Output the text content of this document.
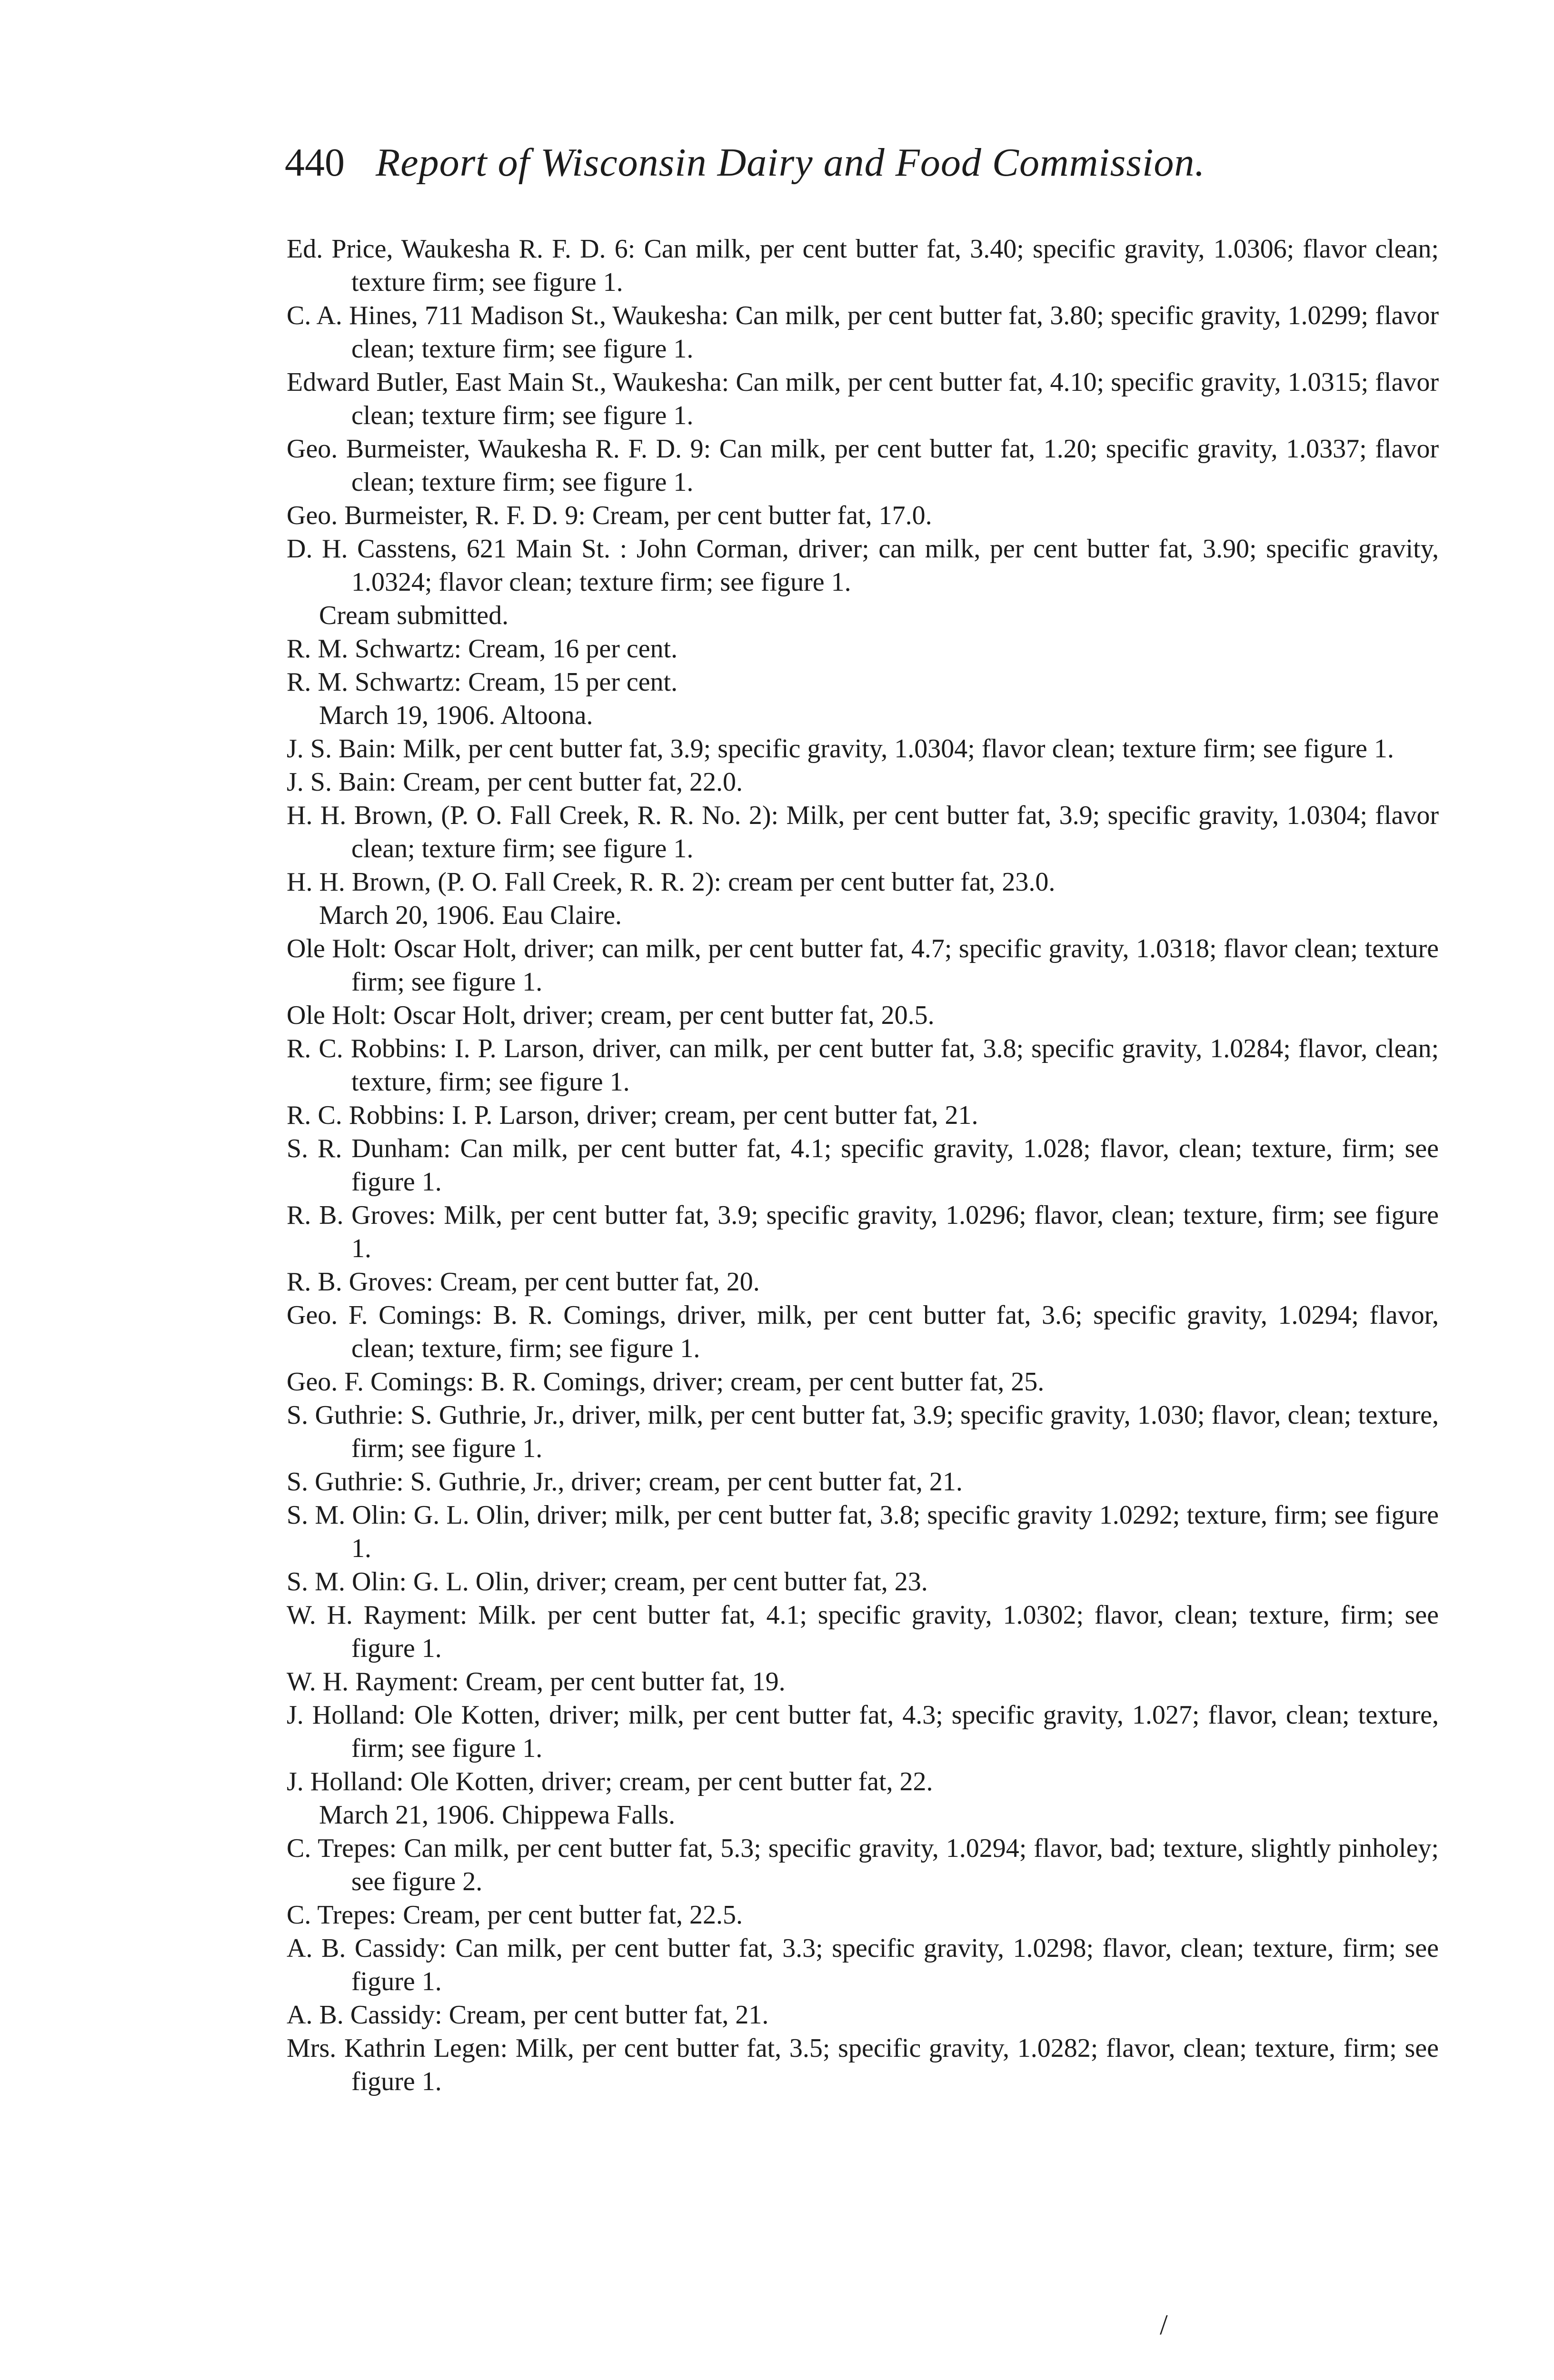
440 Report of Wisconsin Dairy and Food Commission.

Ed. Price, Waukesha R. F. D. 6: Can milk, per cent butter fat, 3.40; specific gravity, 1.0306; flavor clean; texture firm; see figure 1.

C. A. Hines, 711 Madison St., Waukesha: Can milk, per cent butter fat, 3.80; specific gravity, 1.0299; flavor clean; texture firm; see figure 1.

Edward Butler, East Main St., Waukesha: Can milk, per cent butter fat, 4.10; specific gravity, 1.0315; flavor clean; texture firm; see figure 1.

Geo. Burmeister, Waukesha R. F. D. 9: Can milk, per cent butter fat, 1.20; specific gravity, 1.0337; flavor clean; texture firm; see figure 1.

Geo. Burmeister, R. F. D. 9: Cream, per cent butter fat, 17.0.

D. H. Casstens, 621 Main St. : John Corman, driver; can milk, per cent butter fat, 3.90; specific gravity, 1.0324; flavor clean; texture firm; see figure 1.

Cream submitted.

R. M. Schwartz: Cream, 16 per cent.

R. M. Schwartz: Cream, 15 per cent.

March 19, 1906. Altoona.

J. S. Bain: Milk, per cent butter fat, 3.9; specific gravity, 1.0304; flavor clean; texture firm; see figure 1.

J. S. Bain: Cream, per cent butter fat, 22.0.

H. H. Brown, (P. O. Fall Creek, R. R. No. 2): Milk, per cent butter fat, 3.9; specific gravity, 1.0304; flavor clean; texture firm; see figure 1.

H. H. Brown, (P. O. Fall Creek, R. R. 2): cream per cent butter fat, 23.0.

March 20, 1906. Eau Claire.

Ole Holt: Oscar Holt, driver; can milk, per cent butter fat, 4.7; specific gravity, 1.0318; flavor clean; texture firm; see figure 1.

Ole Holt: Oscar Holt, driver; cream, per cent butter fat, 20.5.

R. C. Robbins: I. P. Larson, driver, can milk, per cent butter fat, 3.8; specific gravity, 1.0284; flavor, clean; texture, firm; see figure 1.

R. C. Robbins: I. P. Larson, driver; cream, per cent butter fat, 21.

S. R. Dunham: Can milk, per cent butter fat, 4.1; specific gravity, 1.028; flavor, clean; texture, firm; see figure 1.

R. B. Groves: Milk, per cent butter fat, 3.9; specific gravity, 1.0296; flavor, clean; texture, firm; see figure 1.

R. B. Groves: Cream, per cent butter fat, 20.

Geo. F. Comings: B. R. Comings, driver, milk, per cent butter fat, 3.6; specific gravity, 1.0294; flavor, clean; texture, firm; see figure 1.

Geo. F. Comings: B. R. Comings, driver; cream, per cent butter fat, 25.

S. Guthrie: S. Guthrie, Jr., driver, milk, per cent butter fat, 3.9; specific gravity, 1.030; flavor, clean; texture, firm; see figure 1.

S. Guthrie: S. Guthrie, Jr., driver; cream, per cent butter fat, 21.

S. M. Olin: G. L. Olin, driver; milk, per cent butter fat, 3.8; specific gravity 1.0292; texture, firm; see figure 1.

S. M. Olin: G. L. Olin, driver; cream, per cent butter fat, 23.

W. H. Rayment: Milk. per cent butter fat, 4.1; specific gravity, 1.0302; flavor, clean; texture, firm; see figure 1.

W. H. Rayment: Cream, per cent butter fat, 19.

J. Holland: Ole Kotten, driver; milk, per cent butter fat, 4.3; specific gravity, 1.027; flavor, clean; texture, firm; see figure 1.

J. Holland: Ole Kotten, driver; cream, per cent butter fat, 22.

March 21, 1906. Chippewa Falls.

C. Trepes: Can milk, per cent butter fat, 5.3; specific gravity, 1.0294; flavor, bad; texture, slightly pinholey; see figure 2.

C. Trepes: Cream, per cent butter fat, 22.5.

A. B. Cassidy: Can milk, per cent butter fat, 3.3; specific gravity, 1.0298; flavor, clean; texture, firm; see figure 1.

A. B. Cassidy: Cream, per cent butter fat, 21.

Mrs. Kathrin Legen: Milk, per cent butter fat, 3.5; specific gravity, 1.0282; flavor, clean; texture, firm; see figure 1.

/
